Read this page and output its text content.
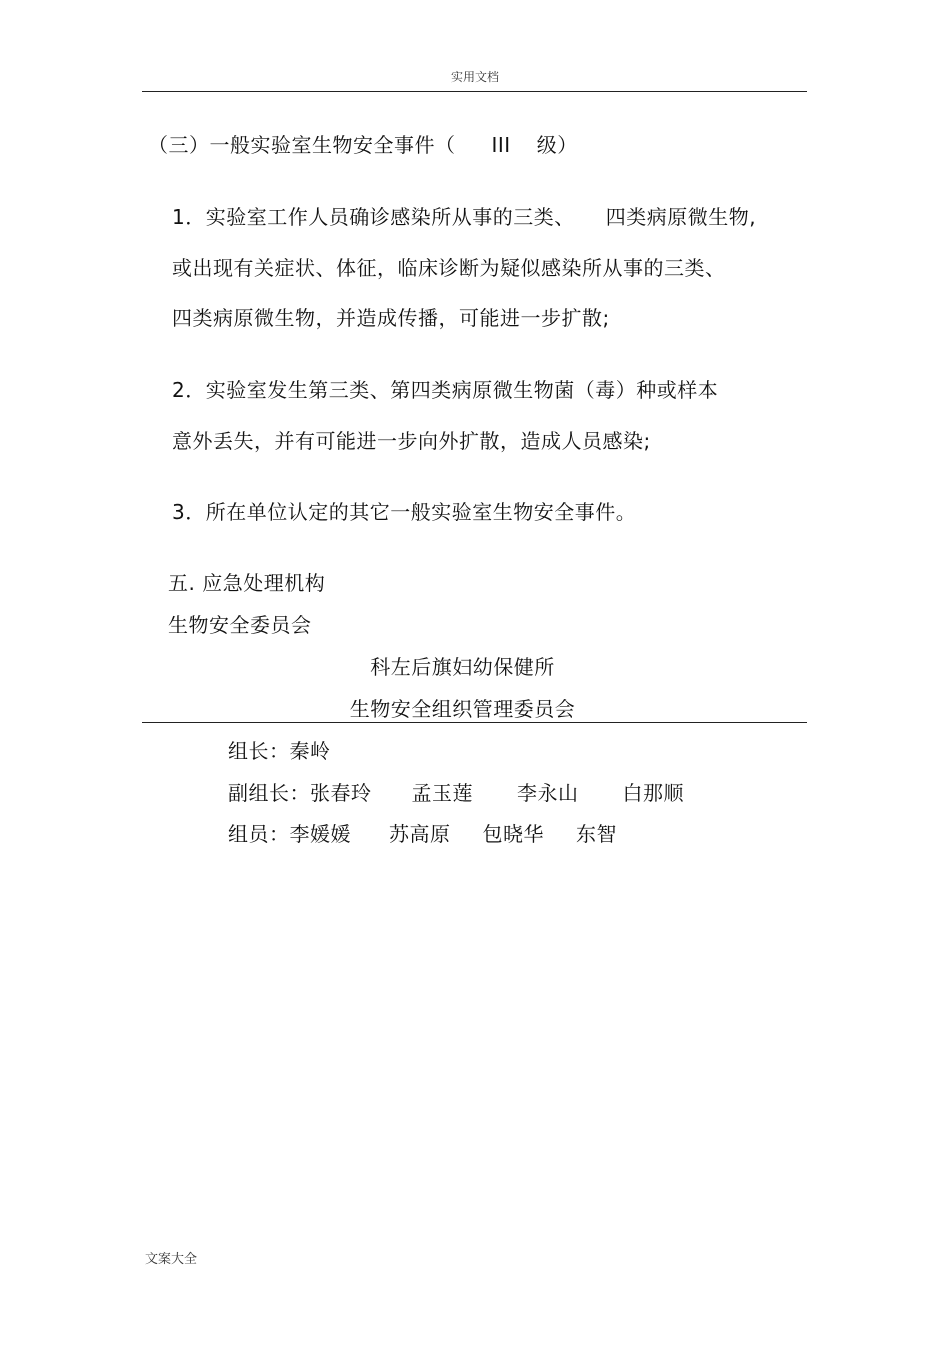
实用文档
（三）一般实验室生物安全事件（ III 级）
1．实验室工作人员确诊感染所从事的三类、　　四类病原微生物,
或出现有关症状、体征，临床诊断为疑似感染所从事的三类、
四类病原微生物，并造成传播，可能进一步扩散;
2．实验室发生第三类、第四类病原微生物菌（毒）种或样本
意外丢失，并有可能进一步向外扩散，造成人员感染;
3．所在单位认定的其它一般实验室生物安全事件。
五. 应急处理机构
生物安全委员会
科左后旗妇幼保健所
生物安全组织管理委员会
组长：秦岭
副组长：张春玲 孟玉莲 李永山 白那顺
组员：李媛媛 苏高原 包晓华 东智
文案大全
